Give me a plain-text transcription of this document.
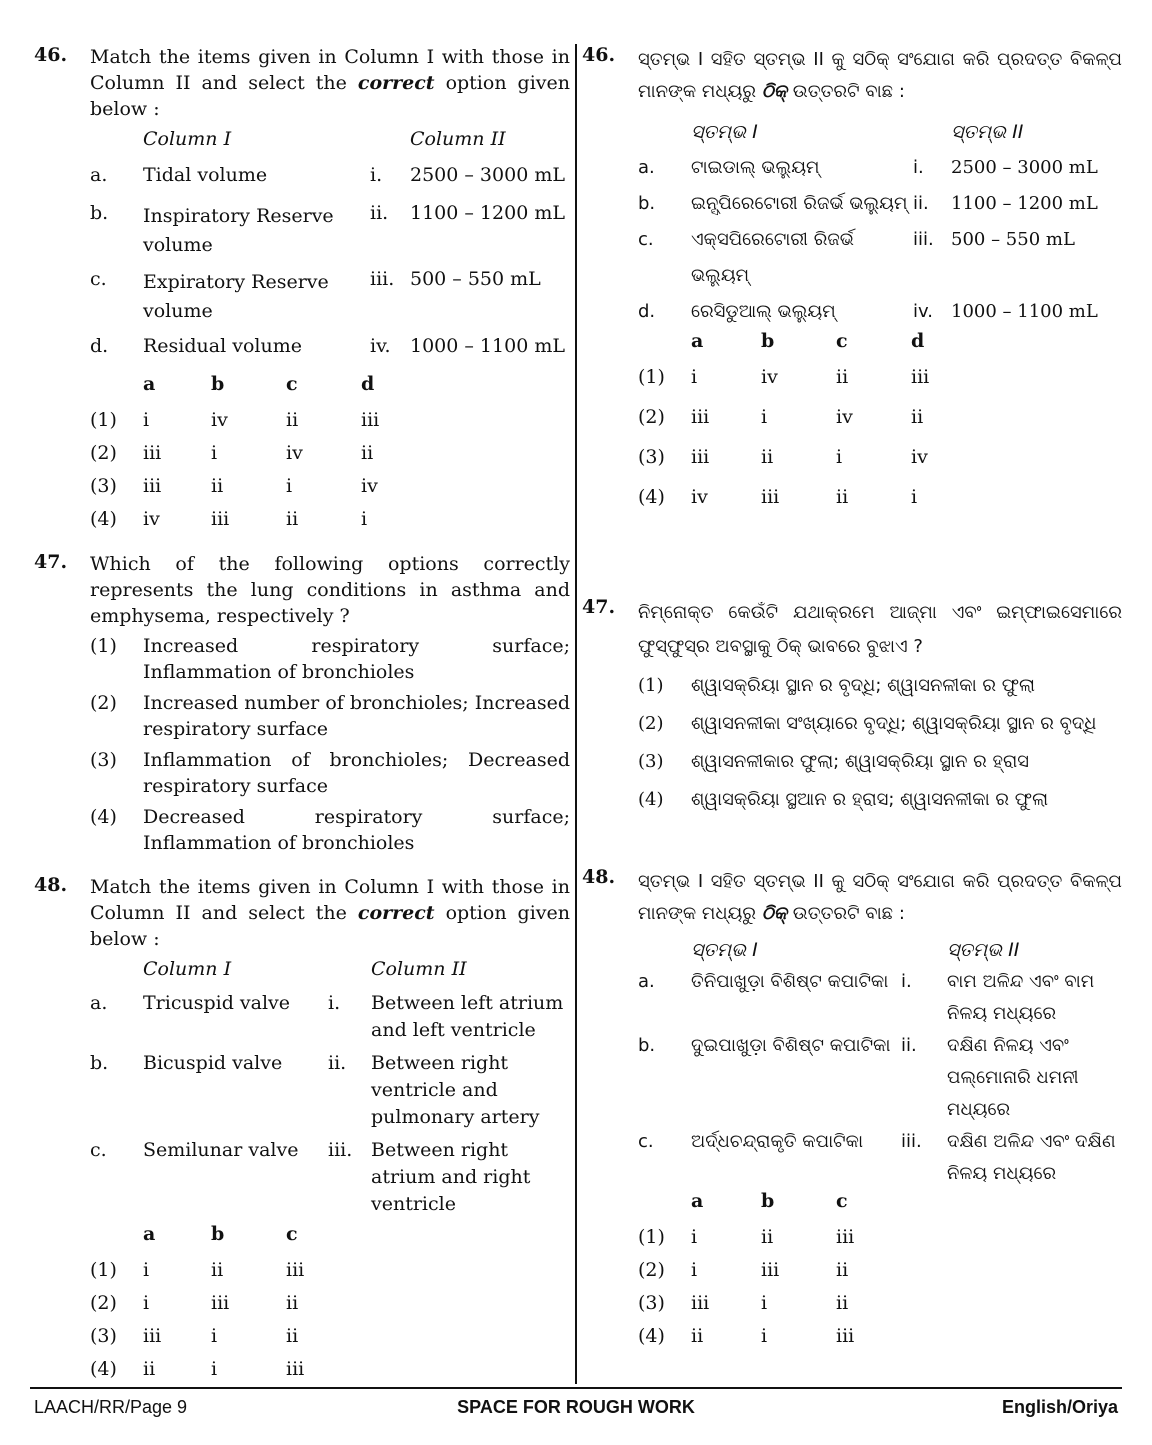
46. Match the items given in Column I with those in Column II and select the correct option given below :
	Column I		Column II
a.	Tidal volume	i.	2500 – 3000 mL
b.	Inspiratory Reserve volume	ii.	1100 – 1200 mL
c.	Expiratory Reserve volume	iii.	500 – 550 mL
d.	Residual volume	iv.	1000 – 1100 mL
	a	b	c	d
(1)	i	iv	ii	iii
(2)	iii	i	iv	ii
(3)	iii	ii	i	iv
(4)	iv	iii	ii	i
47. Which of the following options correctly represents the lung conditions in asthma and emphysema, respectively ?
(1) Increased respiratory surface; Inflammation of bronchioles
(2) Increased number of bronchioles; Increased respiratory surface
(3) Inflammation of bronchioles; Decreased respiratory surface
(4) Decreased respiratory surface; Inflammation of bronchioles
48. Match the items given in Column I with those in Column II and select the correct option given below :
	Column I		Column II
a.	Tricuspid valve	i.	Between left atrium and left ventricle
b.	Bicuspid valve	ii.	Between right ventricle and pulmonary artery
c.	Semilunar valve	iii.	Between right atrium and right ventricle
	a	b	c
(1)	i	ii	iii
(2)	i	iii	ii
(3)	iii	i	ii
(4)	ii	i	iii
46. ସ୍ତମ୍ଭ I ସହିତ ସ୍ତମ୍ଭ II କୁ ସଠିକ୍ ସଂଯୋଗ କରି ପ୍ରଦତ୍ତ ବିକଳ୍ପ ମାନଙ୍କ ମଧ୍ୟରୁ ଠିକ୍ ଉତ୍ତରଟି ବାଛ :
	ସ୍ତମ୍ଭ I		ସ୍ତମ୍ଭ II
a.	ଟାଇଡାଲ୍ ଭଲ୍ୟୁମ୍	i.	2500 – 3000 mL
b.	ଇନ୍ସ୍ପିରେଟୋରୀ ରିଜର୍ଭ ଭଲ୍ୟୁମ୍	ii.	1100 – 1200 mL
c.	ଏକ୍ସପିରେଟୋରୀ ରିଜର୍ଭ ଭଲ୍ୟୁମ୍	iii.	500 – 550 mL
d.	ରେସିଡୁଆଲ୍ ଭଲ୍ୟୁମ୍	iv.	1000 – 1100 mL
	a	b	c	d
(1)	i	iv	ii	iii
(2)	iii	i	iv	ii
(3)	iii	ii	i	iv
(4)	iv	iii	ii	i
47. ନିମ୍ନୋକ୍ତ କେଉଁଟି ଯଥାକ୍ରମେ ଆଜ୍ମା ଏବଂ ଇମ୍ଫାଇସେମାରେ ଫୁସ୍‌ଫୁସ୍‌ର ଅବସ୍ଥାକୁ ଠିକ୍ ଭାବରେ ବୁଝାଏ ?
(1) ଶ୍ୱାସକ୍ରିୟା ସ୍ଥାନ ର ବୃଦ୍ଧି; ଶ୍ୱାସନଳୀକା ର ଫୁଲା
(2) ଶ୍ୱାସନଳୀକା ସଂଖ୍ୟାରେ ବୃଦ୍ଧି; ଶ୍ୱାସକ୍ରିୟା ସ୍ଥାନ ର ବୃଦ୍ଧି
(3) ଶ୍ୱାସନଳୀକାର ଫୁଲା; ଶ୍ୱାସକ୍ରିୟା ସ୍ଥାନ ର ହ୍ରାସ
(4) ଶ୍ୱାସକ୍ରିୟା ସ୍ଥଆନ ର ହ୍ରାସ; ଶ୍ୱାସନଳୀକା ର ଫୁଲା
48. ସ୍ତମ୍ଭ I ସହିତ ସ୍ତମ୍ଭ II କୁ ସଠିକ୍ ସଂଯୋଗ କରି ପ୍ରଦତ୍ତ ବିକଳ୍ପ ମାନଙ୍କ ମଧ୍ୟରୁ ଠିକ୍ ଉତ୍ତରଟି ବାଛ :
	ସ୍ତମ୍ଭ I		ସ୍ତମ୍ଭ II
a.	ତିନିପାଖୁଡ଼ା ବିଶିଷ୍ଟ କପାଟିକା	i.	ବାମ ଅଳିନ୍ଦ ଏବଂ ବାମ ନିଳୟ ମଧ୍ୟରେ
b.	ଦୁଇପାଖୁଡ଼ା ବିଶିଷ୍ଟ କପାଟିକା	ii.	ଦକ୍ଷିଣ ନିଳୟ ଏବଂ ପଲ୍‌ମୋନାରି ଧମନୀ ମଧ୍ୟରେ
c.	ଅର୍ଦ୍ଧଚନ୍ଦ୍ରାକୃତି କପାଟିକା	iii.	ଦକ୍ଷିଣ ଅଳିନ୍ଦ ଏବଂ ଦକ୍ଷିଣ ନିଳୟ ମଧ୍ୟରେ
	a	b	c
(1)	i	ii	iii
(2)	i	iii	ii
(3)	iii	i	ii
(4)	ii	i	iii
LAACH/RR/Page 9	SPACE FOR ROUGH WORK	English/Oriya
